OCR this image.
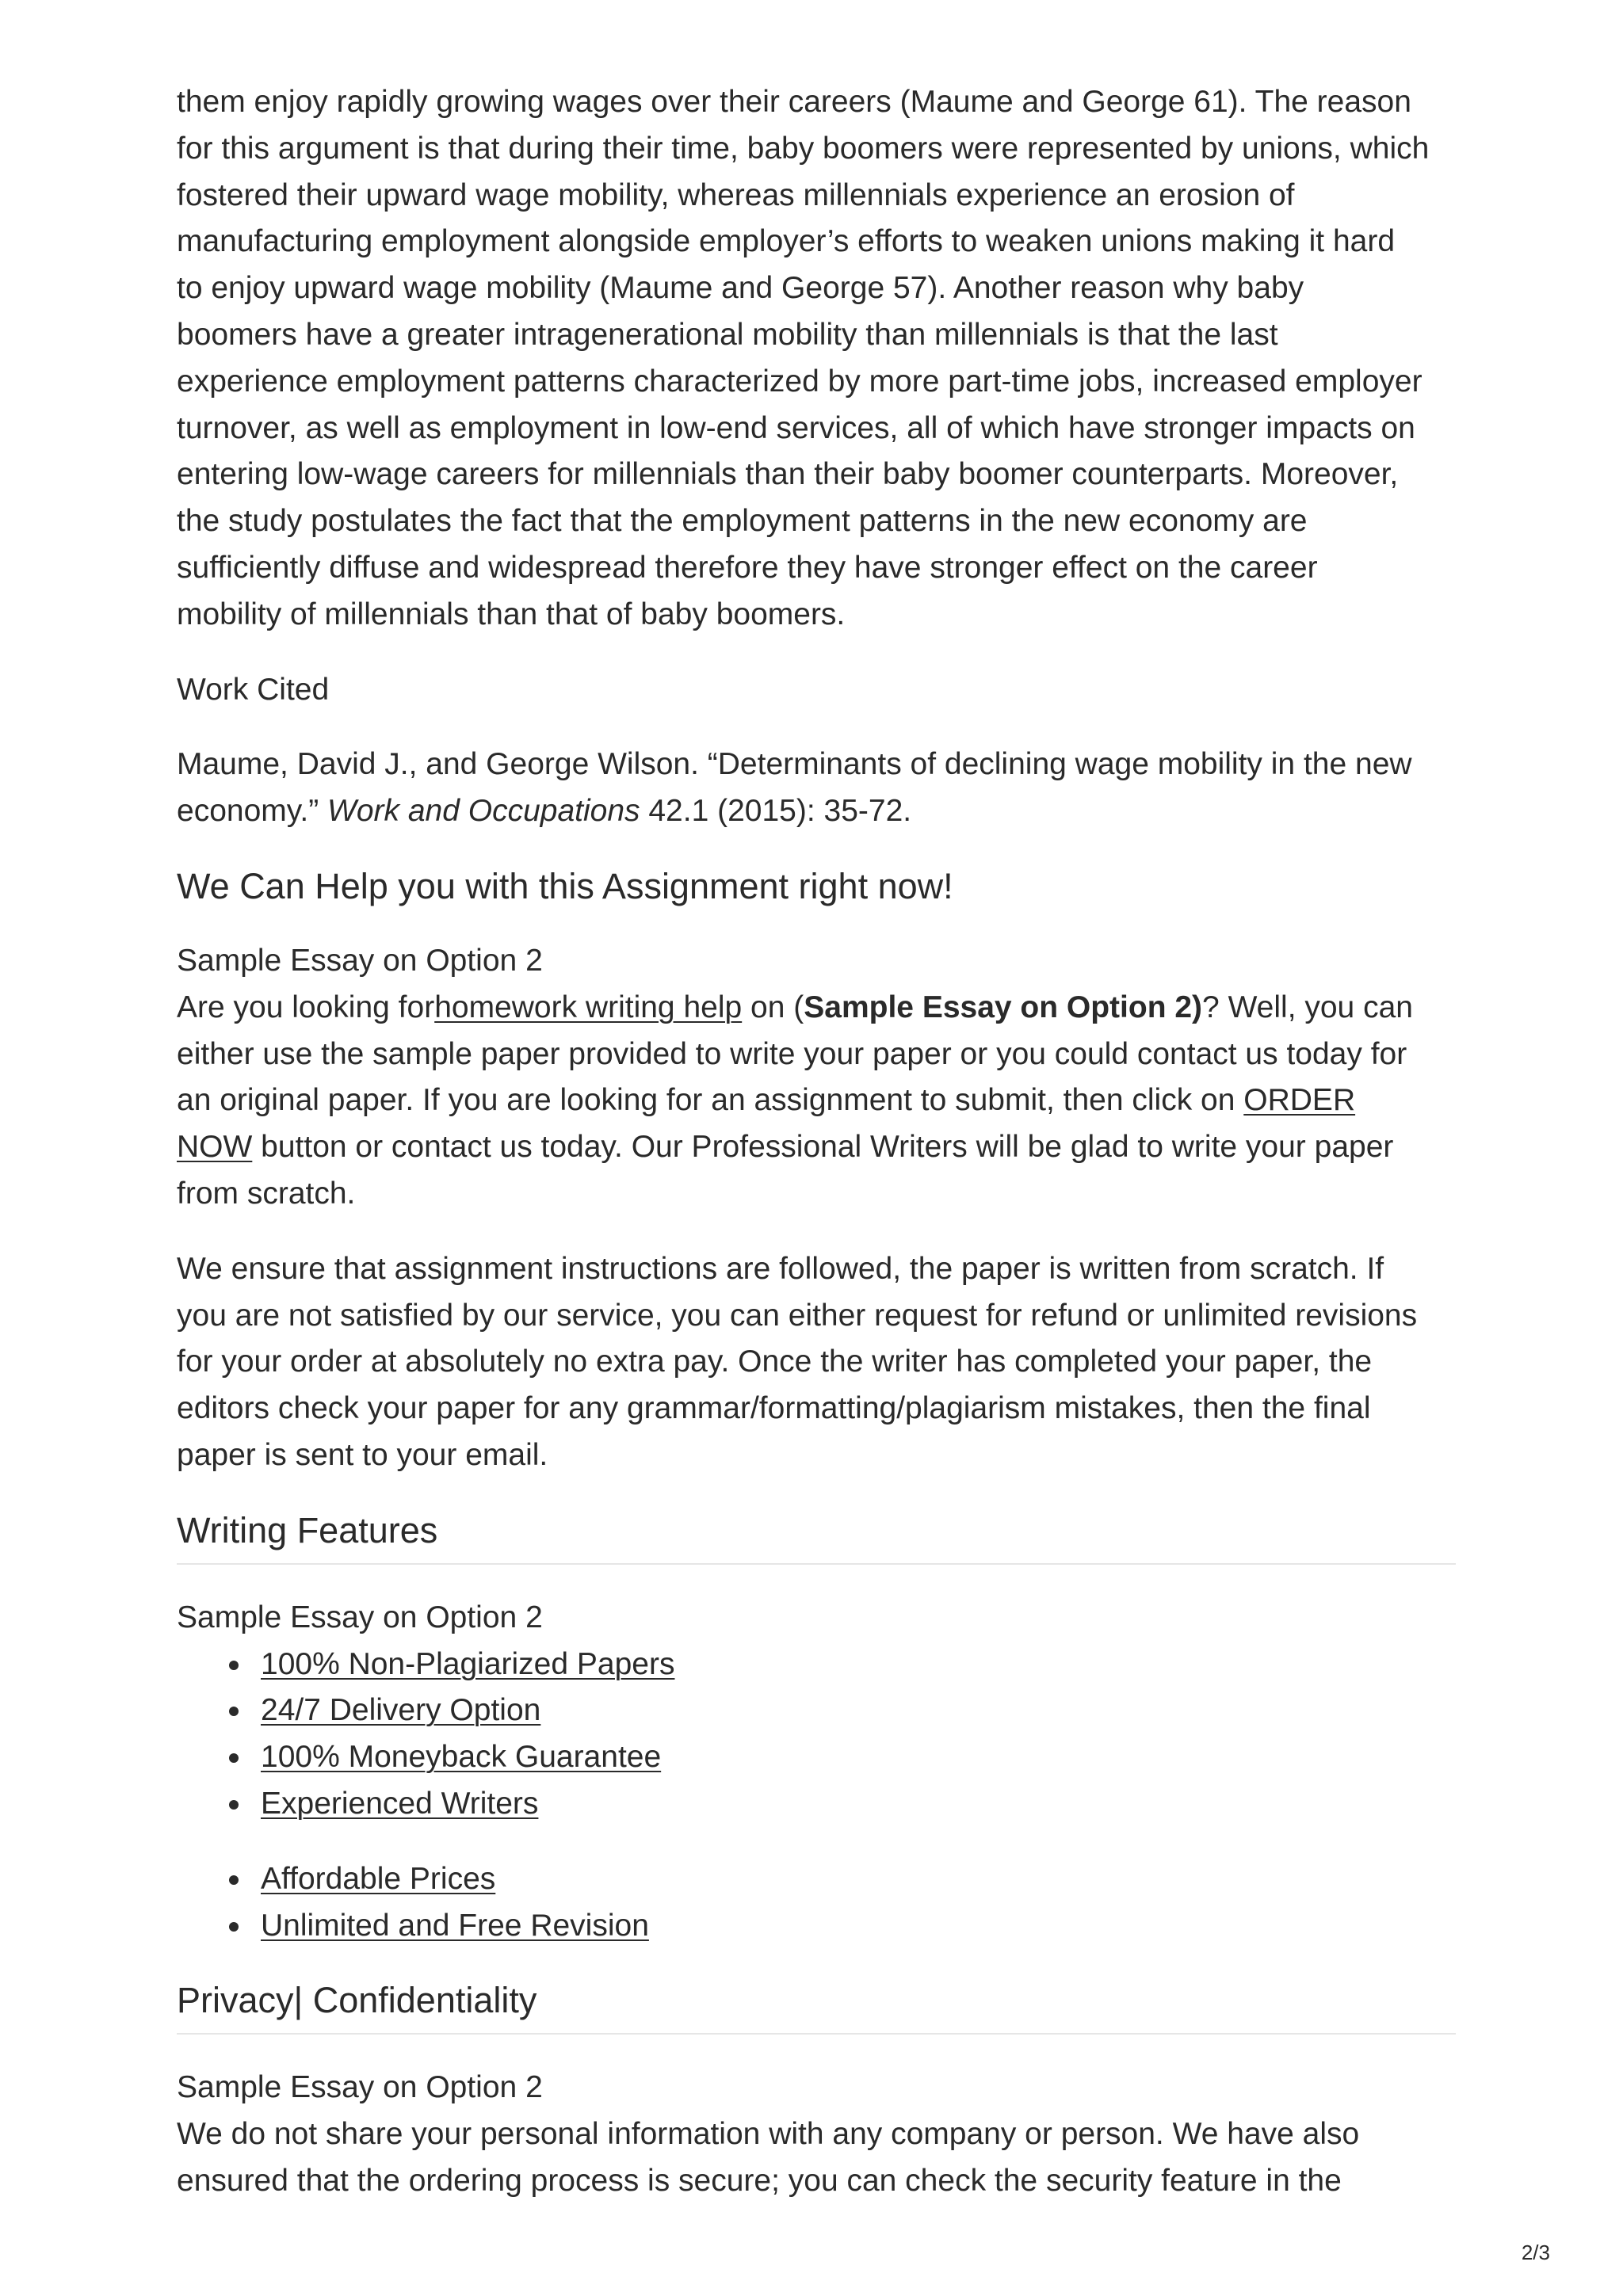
them enjoy rapidly growing wages over their careers (Maume and George 61). The reason
for this argument is that during their time, baby boomers were represented by unions, which
fostered their upward wage mobility, whereas millennials experience an erosion of
manufacturing employment alongside employer’s efforts to weaken unions making it hard
to enjoy upward wage mobility (Maume and George 57). Another reason why baby
boomers have a greater intragenerational mobility than millennials is that the last
experience employment patterns characterized by more part-time jobs, increased employer
turnover, as well as employment in low-end services, all of which have stronger impacts on
entering low-wage careers for millennials than their baby boomer counterparts. Moreover,
the study postulates the fact that the employment patterns in the new economy are
sufficiently diffuse and widespread therefore they have stronger effect on the career
mobility of millennials than that of baby boomers.

Work Cited

Maume, David J., and George Wilson. “Determinants of declining wage mobility in the new
economy.” Work and Occupations 42.1 (2015): 35-72.

We Can Help you with this Assignment right now!

Sample Essay on Option 2
Are you looking forhomework writing help on (Sample Essay on Option 2)? Well, you can
either use the sample paper provided to write your paper or you could contact us today for
an original paper. If you are looking for an assignment to submit, then click on ORDER
NOW button or contact us today. Our Professional Writers will be glad to write your paper
from scratch.

We ensure that assignment instructions are followed, the paper is written from scratch. If
you are not satisfied by our service, you can either request for refund or unlimited revisions
for your order at absolutely no extra pay. Once the writer has completed your paper, the
editors check your paper for any grammar/formatting/plagiarism mistakes, then the final
paper is sent to your email.

Writing Features

Sample Essay on Option 2

100% Non-Plagiarized Papers
24/7 Delivery Option
100% Moneyback Guarantee
Experienced Writers
Affordable Prices
Unlimited and Free Revision
Privacy| Confidentiality

Sample Essay on Option 2
We do not share your personal information with any company or person. We have also
ensured that the ordering process is secure; you can check the security feature in the

2/3
